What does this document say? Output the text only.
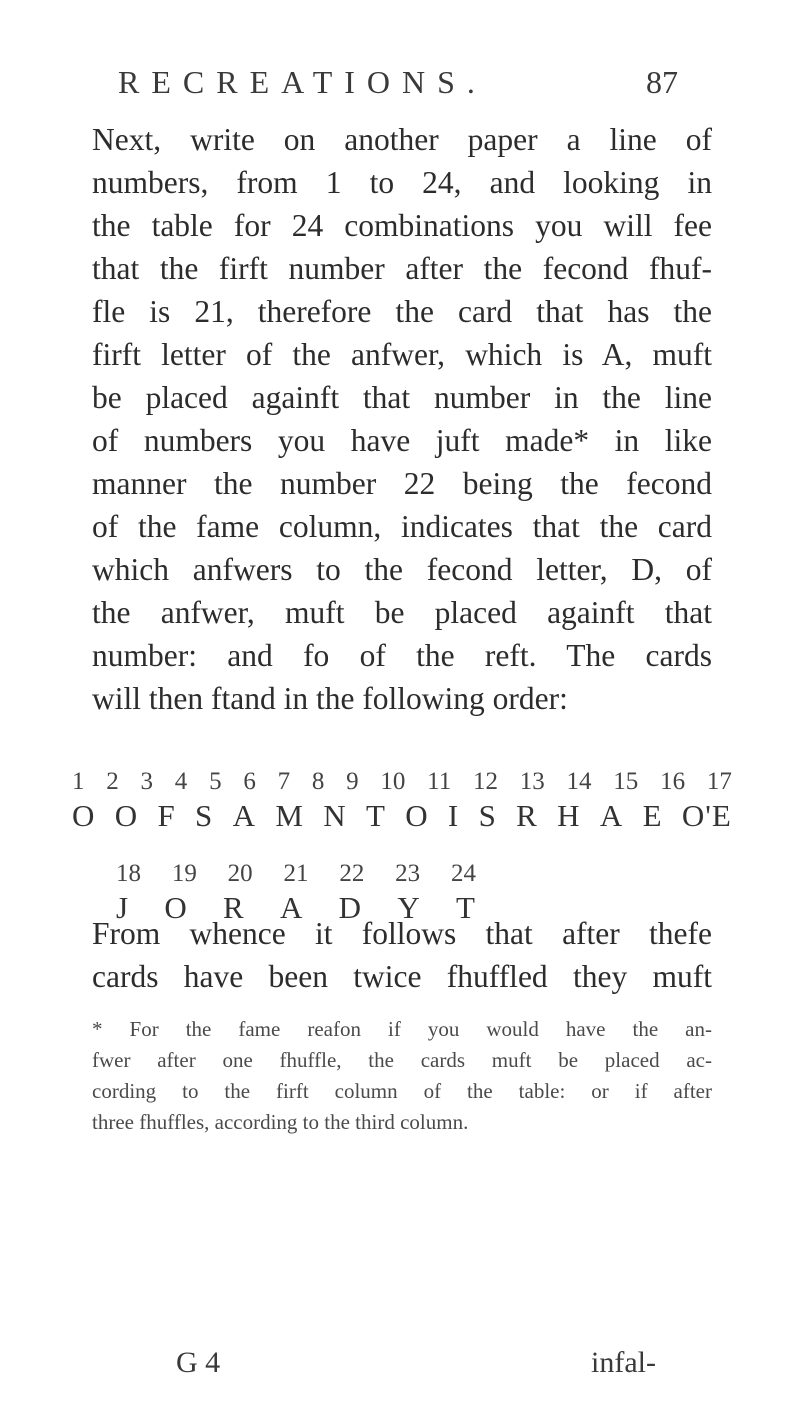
RECREATIONS.	87
Next, write on another paper a line of
numbers, from 1 to 24, and looking in
the table for 24 combinations you will fee
that the firft number after the fecond fhuf-
fle is 21, therefore the card that has the
firft letter of the anfwer, which is A, muft
be placed againft that number in the line
of numbers you have juft made* in like
manner the number 22 being the fecond
of the fame column, indicates that the card
which anfwers to the fecond letter, D, of
the anfwer, muft be placed againft that
number: and fo of the reft. The cards
will then ftand in the following order:
1 2 3 4 5 6 7 8 9 10 11 12 13 14 15 16 17
O O F S A M N T O I S R H A E O'E
18 19 20 21 22 23 24
J O R A D Y T
From whence it follows that after thefe
cards have been twice fhuffled they muft
* For the fame reafon if you would have the an-
fwer after one fhuffle, the cards muft be placed ac-
cording to the firft column of the table: or if after
three fhuffles, according to the third column.
G 4	infal-
